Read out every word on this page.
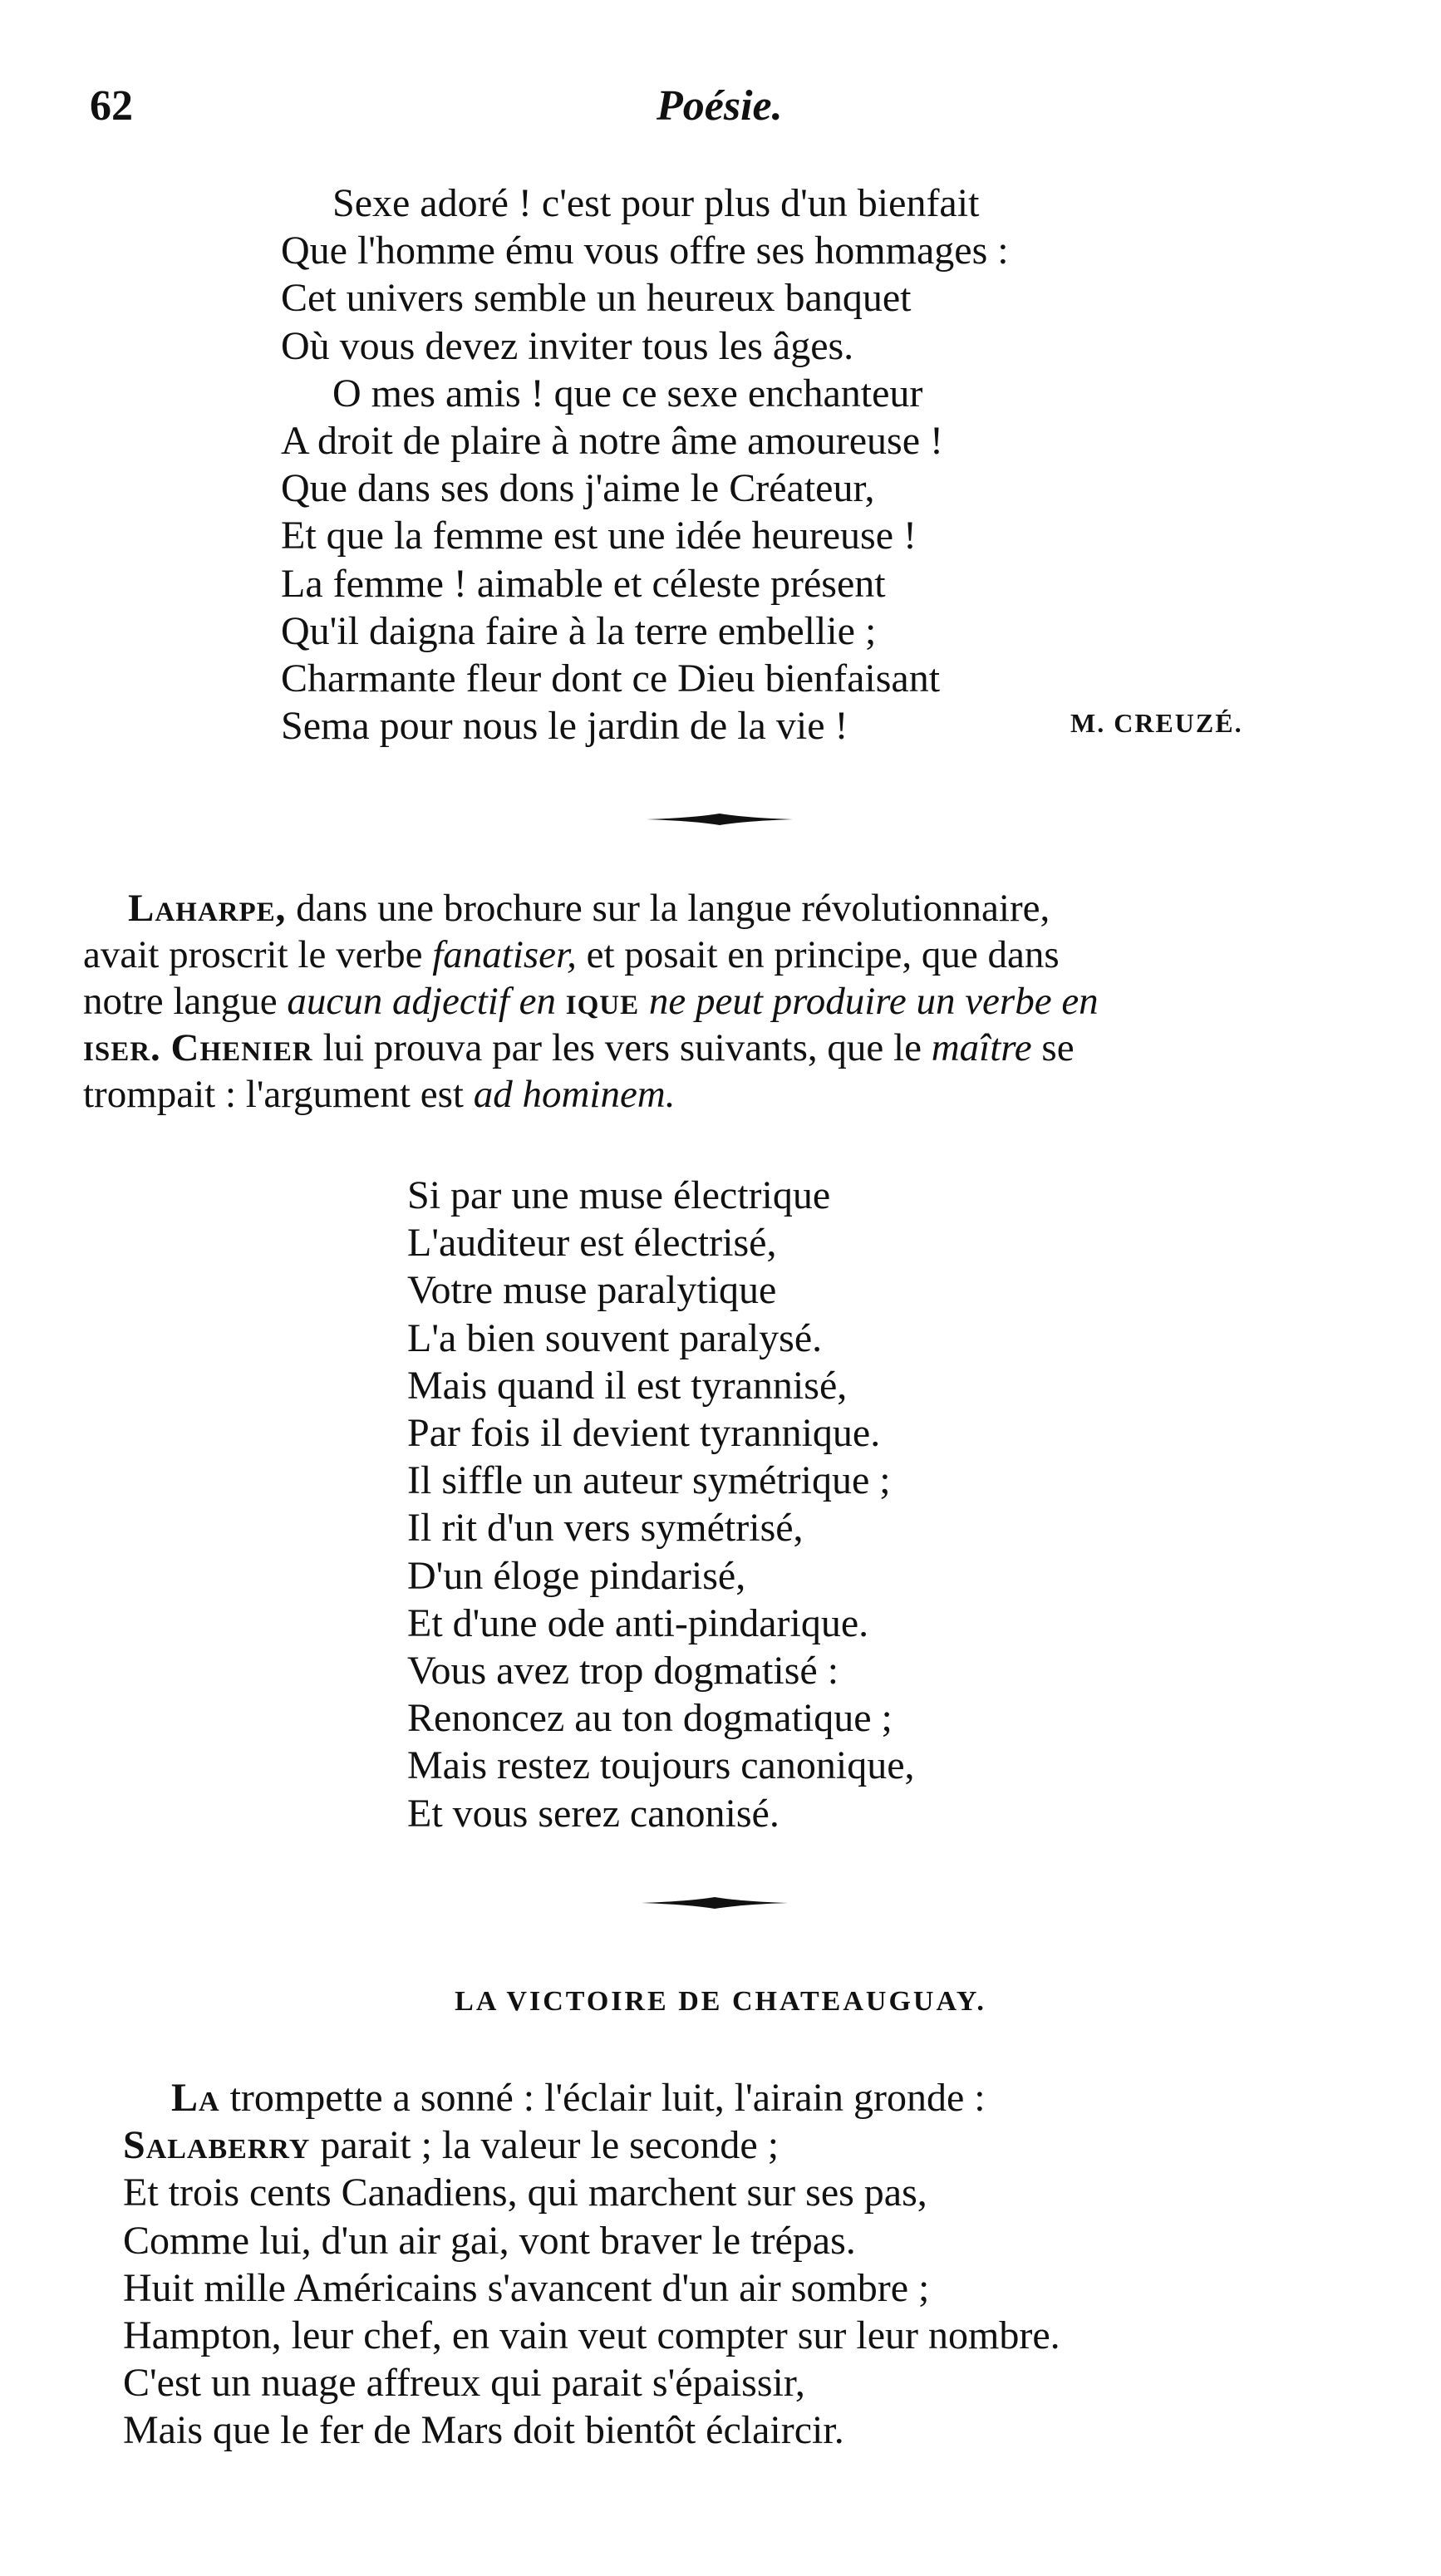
62	Poésie.
Sexe adoré ! c'est pour plus d'un bienfait
Que l'homme ému vous offre ses hommages :
Cet univers semble un heureux banquet
Où vous devez inviter tous les âges.
O mes amis ! que ce sexe enchanteur
A droit de plaire à notre âme amoureuse !
Que dans ses dons j'aime le Créateur,
Et que la femme est une idée heureuse !
La femme ! aimable et céleste présent
Qu'il daigna faire à la terre embellie ;
Charmante fleur dont ce Dieu bienfaisant
Sema pour nous le jardin de la vie !	M. CREUZÉ.
Laharpe, dans une brochure sur la langue révolutionnaire,
avait proscrit le verbe fanatiser, et posait en principe, que dans
notre langue aucun adjectif en ique ne peut produire un verbe en
iser. Chenier lui prouva par les vers suivants, que le maître se
trompait : l'argument est ad hominem.
Si par une muse électrique
L'auditeur est électrisé,
Votre muse paralytique
L'a bien souvent paralysé.
Mais quand il est tyrannisé,
Par fois il devient tyrannique.
Il siffle un auteur symétrique ;
Il rit d'un vers symétrisé,
D'un éloge pindarisé,
Et d'une ode anti-pindarique.
Vous avez trop dogmatisé :
Renoncez au ton dogmatique ;
Mais restez toujours canonique,
Et vous serez canonisé.
LA VICTOIRE DE CHATEAUGUAY.
La trompette a sonné : l'éclair luit, l'airain gronde :
Salaberry parait ; la valeur le seconde ;
Et trois cents Canadiens, qui marchent sur ses pas,
Comme lui, d'un air gai, vont braver le trépas.
Huit mille Américains s'avancent d'un air sombre ;
Hampton, leur chef, en vain veut compter sur leur nombre.
C'est un nuage affreux qui parait s'épaissir,
Mais que le fer de Mars doit bientôt éclaircir.
